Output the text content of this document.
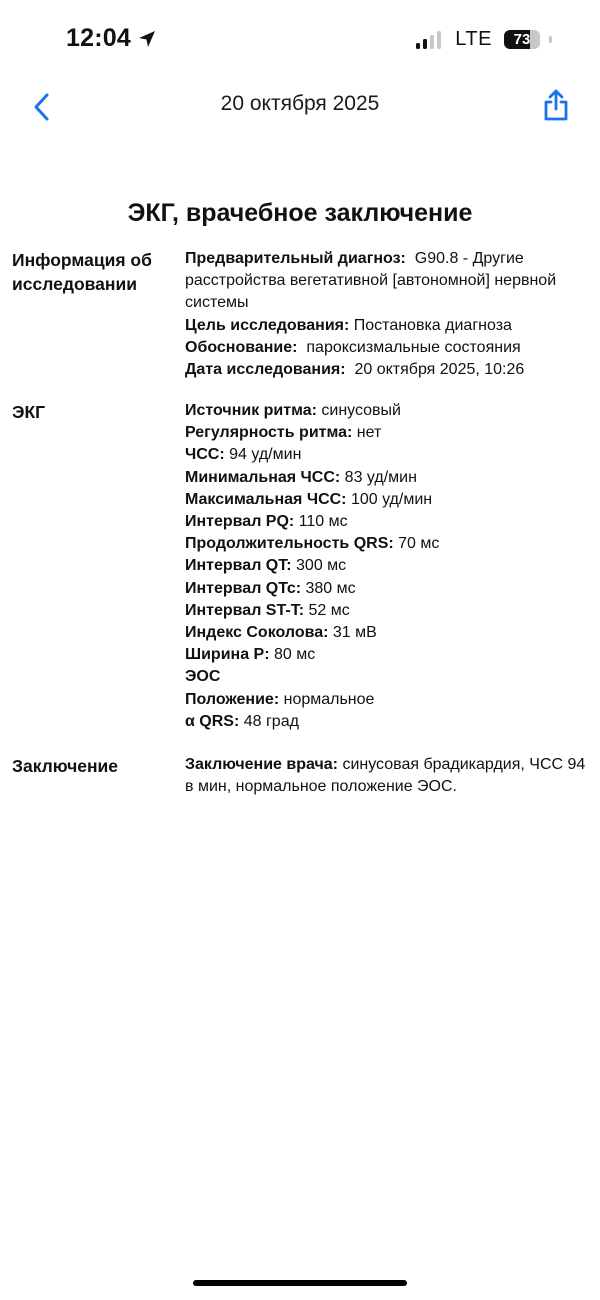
12:04	LTE	73
20 октября 2025
ЭКГ, врачебное заключение
Информация об исследовании
Предварительный диагноз:  G90.8 - Другие расстройства вегетативной [автономной] нервной системы
Цель исследования: Постановка диагноза
Обоснование:  пароксизмальные состояния
Дата исследования:  20 октября 2025, 10:26
ЭКГ	Источник ритма: синусовый
Регулярность ритма: нет
ЧСС: 94 уд/мин
Минимальная ЧСС: 83 уд/мин
Максимальная ЧСС: 100 уд/мин
Интервал PQ: 110 мс
Продолжительность QRS: 70 мс
Интервал QT: 300 мс
Интервал QTc: 380 мс
Интервал ST-T: 52 мс
Индекс Соколова: 31 мВ
Ширина P: 80 мс
ЭОС
Положение: нормальное
α QRS: 48 град
Заключение	Заключение врача: синусовая брадикардия, ЧСС 94 в мин, нормальное положение ЭОС.
